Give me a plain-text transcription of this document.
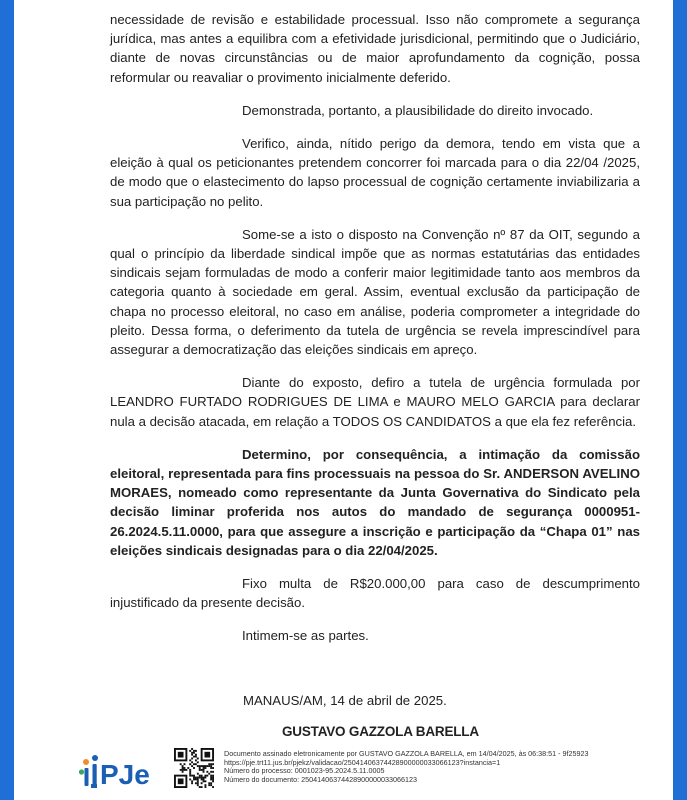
necessidade de revisão e estabilidade processual. Isso não compromete a segurança jurídica, mas antes a equilibra com a efetividade jurisdicional, permitindo que o Judiciário, diante de novas circunstâncias ou de maior aprofundamento da cognição, possa reformular ou reavaliar o provimento inicialmente deferido.

Demonstrada, portanto, a plausibilidade do direito invocado.

Verifico, ainda, nítido perigo da demora, tendo em vista que a eleição à qual os peticionantes pretendem concorrer foi marcada para o dia 22/04 /2025, de modo que o elastecimento do lapso processual de cognição certamente inviabilizaria a sua participação no pelito.

Some-se a isto o disposto na Convenção nº 87 da OIT, segundo a qual o princípio da liberdade sindical impõe que as normas estatutárias das entidades sindicais sejam formuladas de modo a conferir maior legitimidade tanto aos membros da categoria quanto à sociedade em geral. Assim, eventual exclusão da participação de chapa no processo eleitoral, no caso em análise, poderia comprometer a integridade do pleito. Dessa forma, o deferimento da tutela de urgência se revela imprescindível para assegurar a democratização das eleições sindicais em apreço.

Diante do exposto, defiro a tutela de urgência formulada por LEANDRO FURTADO RODRIGUES DE LIMA e MAURO MELO GARCIA para declarar nula a decisão atacada, em relação a TODOS OS CANDIDATOS a que ela fez referência.

Determino, por consequência, a intimação da comissão eleitoral, representada para fins processuais na pessoa do Sr. ANDERSON AVELINO MORAES, nomeado como representante da Junta Governativa do Sindicato pela decisão liminar proferida nos autos do mandado de segurança 0000951-26.2024.5.11.0000, para que assegure a inscrição e participação da “Chapa 01” nas eleições sindicais designadas para o dia 22/04/2025.

Fixo multa de R$20.000,00 para caso de descumprimento injustificado da presente decisão.

Intimem-se as partes.

MANAUS/AM, 14 de abril de 2025.
GUSTAVO GAZZOLA BARELLA
PJe
Documento assinado eletronicamente por GUSTAVO GAZZOLA BARELLA, em 14/04/2025, às 06:38:51 - 9f25923
https://pje.trt11.jus.br/pjekz/validacao/25041406374428900000033066123?instancia=1
Número do processo: 0001023-95.2024.5.11.0005
Número do documento: 25041406374428900000033066123
